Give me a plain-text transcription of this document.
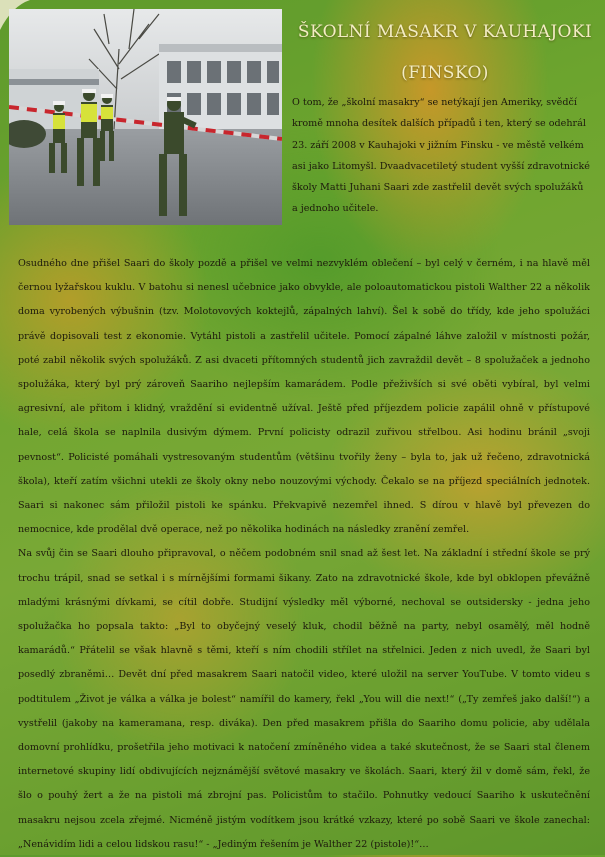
ŠKOLNÍ MASAKR V KAUHAJOKI
(FINSKO)

O tom, že „školní masakry“ se netýkají jen Ameriky, svědčí kromě mnoha desítek dalších případů i ten, který se odehrál 23. září 2008 v Kauhajoki v jižním Finsku - ve městě velkém asi jako Litomyšl. Dvaadvacetiletý student vyšší zdravotnické školy Matti Juhani Saari zde zastřelil devět svých spolužáků a jednoho učitele.

Osudného dne přišel Saari do školy pozdě a přišel ve velmi nezvyklém oblečení – byl celý v černém, i na hlavě měl černou lyžařskou kuklu. V batohu si nenesl učebnice jako obvykle, ale poloautomatickou pistoli Walther 22 a několik doma vyrobených výbušnin (tzv. Molotovových koktejlů, zápalných lahví). Šel k sobě do třídy, kde jeho spolužáci právě dopisovali test z ekonomie. Vytáhl pistoli a zastřelil učitele. Pomocí zápalné láhve založil v místnosti požár, poté zabil několik svých spolužáků. Z asi dvaceti přítomných studentů jich zavraždil devět – 8 spolužaček a jednoho spolužáka, který byl prý zároveň Saariho nejlepším kamarádem. Podle přeživších si své oběti vybíral, byl velmi agresivní, ale přitom i klidný, vraždění si evidentně užíval. Ještě před příjezdem policie zapálil ohně v přístupové hale, celá škola se naplnila dusivým dýmem. První policisty odrazil zuřivou střelbou. Asi hodinu bránil „svoji pevnost“. Policisté pomáhali vystresovaným studentům (většinu tvořily ženy – byla to, jak už řečeno, zdravotnická škola), kteří zatím všichni utekli ze školy okny nebo nouzovými východy. Čekalo se na příjezd speciálních jednotek. Saari si nakonec sám přiložil pistoli ke spánku. Překvapivě nezemřel ihned. S dírou v hlavě byl převezen do nemocnice, kde prodělal dvě operace, než po několika hodinách na následky zranění zemřel.

Na svůj čin se Saari dlouho připravoval, o něčem podobném snil snad až šest let. Na základní i střední škole se prý trochu trápil, snad se setkal i s mírnějšími formami šikany. Zato na zdravotnické škole, kde byl obklopen převážně mladými krásnými dívkami, se cítil dobře. Studijní výsledky měl výborné, nechoval se outsidersky - jedna jeho spolužačka ho popsala takto: „Byl to obyčejný veselý kluk, chodil běžně na party, nebyl osamělý, měl hodně kamarádů.“ Přátelil se však hlavně s těmi, kteří s ním chodili střílet na střelnici. Jeden z nich uvedl, že Saari byl posedlý zbraněmi… Devět dní před masakrem Saari natočil video, které uložil na server YouTube. V tomto videu s podtitulem „Život je válka a válka je bolest“ namířil do kamery, řekl „You will die next!“ („Ty zemřeš jako další!“) a vystřelil (jakoby na kameramana, resp. diváka). Den před masakrem přišla do Saariho domu policie, aby udělala domovní prohlídku, prošetřila jeho motivaci k natočení zmíněného videa a také skutečnost, že se Saari stal členem internetové skupiny lidí obdivujících nejznámější světové masakry ve školách. Saari, který žil v domě sám, řekl, že šlo o pouhý žert a že na pistoli má zbrojní pas. Policistům to stačilo. Pohnutky vedoucí Saariho k uskutečnění masakru nejsou zcela zřejmé. Nicméně jistým vodítkem jsou krátké vzkazy, které po sobě Saari ve škole zanechal: „Nenávidím lidi a celou lidskou rasu!“ - „Jediným řešením je Walther 22 (pistole)!“…
